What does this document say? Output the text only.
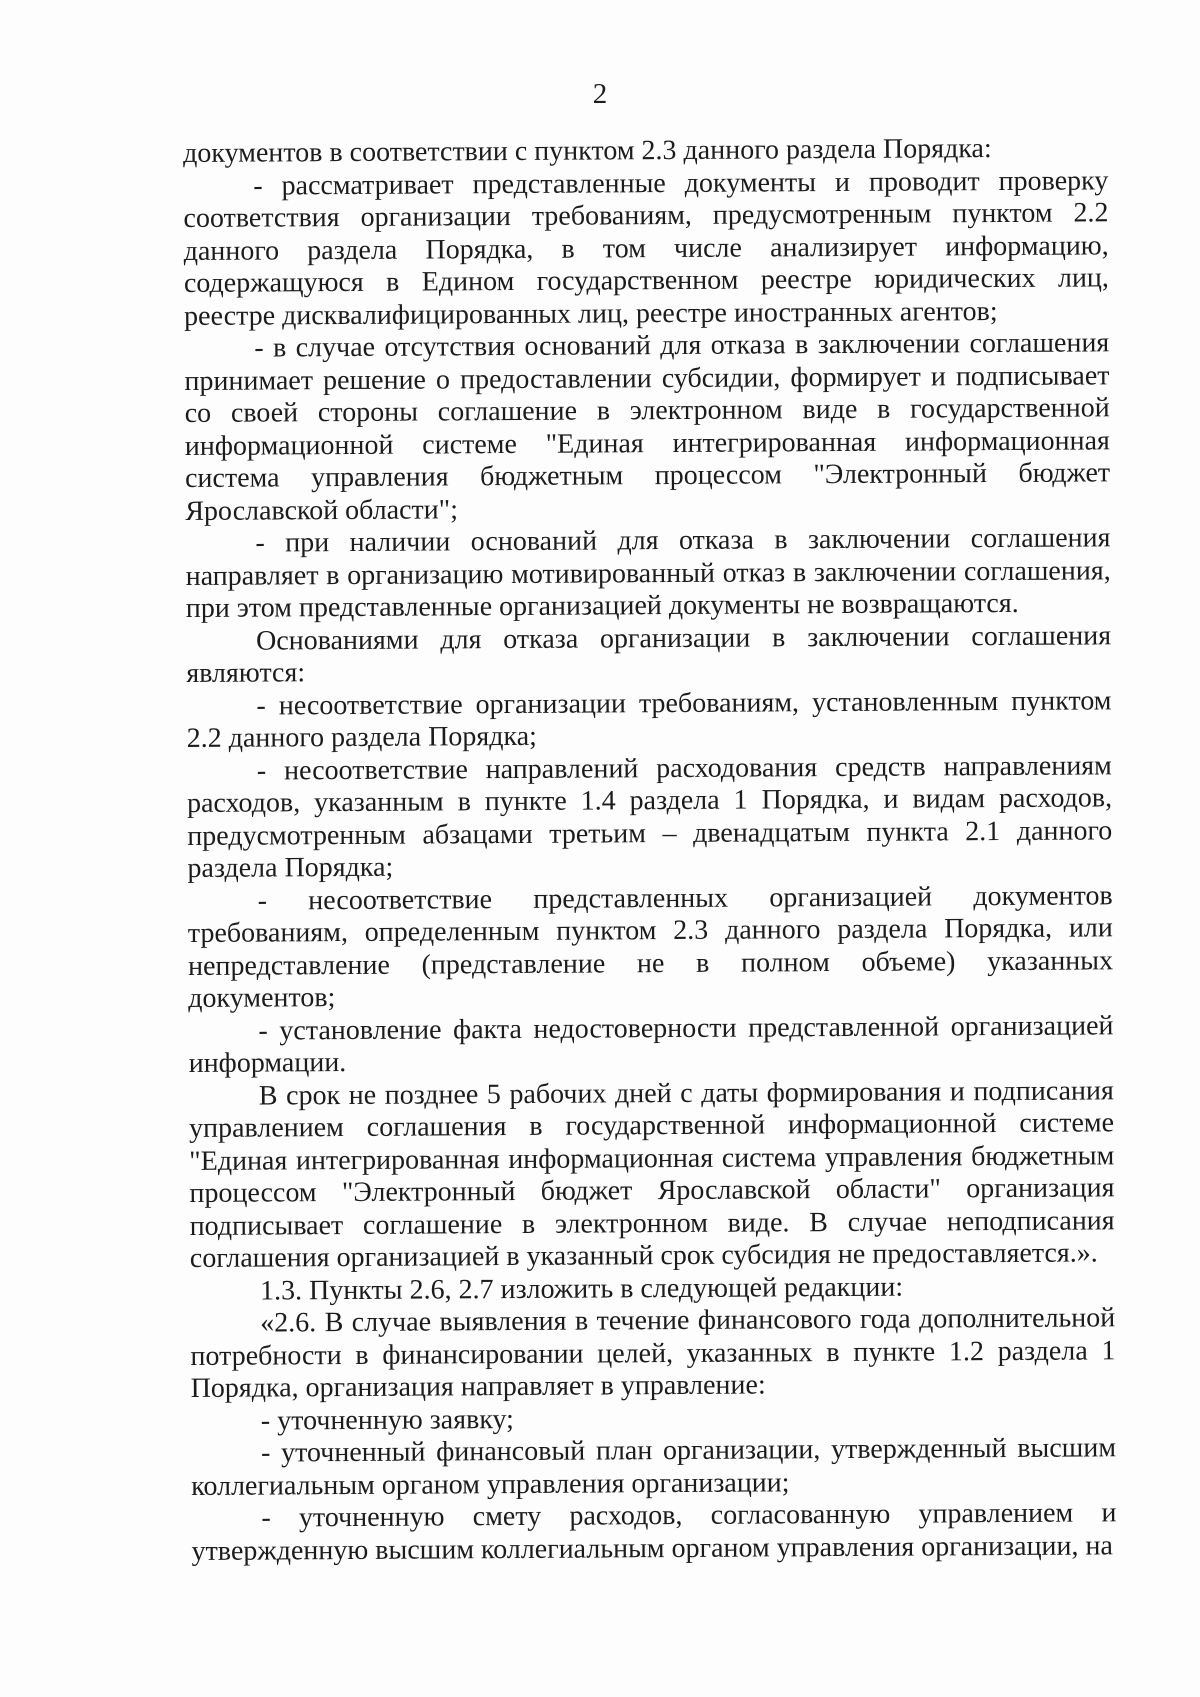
2

документов в соответствии с пунктом 2.3 данного раздела Порядка:

- рассматривает представленные документы и проводит проверку соответствия организации требованиям, предусмотренным пунктом 2.2 данного раздела Порядка, в том числе анализирует информацию, содержащуюся в Едином государственном реестре юридических лиц, реестре дисквалифицированных лиц, реестре иностранных агентов;

- в случае отсутствия оснований для отказа в заключении соглашения принимает решение о предоставлении субсидии, формирует и подписывает со своей стороны соглашение в электронном виде в государственной информационной системе "Единая интегрированная информационная система управления бюджетным процессом "Электронный бюджет Ярославской области";

- при наличии оснований для отказа в заключении соглашения направляет в организацию мотивированный отказ в заключении соглашения, при этом представленные организацией документы не возвращаются.

Основаниями для отказа организации в заключении соглашения являются:

- несоответствие организации требованиям, установленным пунктом 2.2 данного раздела Порядка;

- несоответствие направлений расходования средств направлениям расходов, указанным в пункте 1.4 раздела 1 Порядка, и видам расходов, предусмотренным абзацами третьим – двенадцатым пункта 2.1 данного раздела Порядка;

- несоответствие представленных организацией документов требованиям, определенным пунктом 2.3 данного раздела Порядка, или непредставление (представление не в полном объеме) указанных документов;

- установление факта недостоверности представленной организацией информации.

В срок не позднее 5 рабочих дней с даты формирования и подписания управлением соглашения в государственной информационной системе "Единая интегрированная информационная система управления бюджетным процессом "Электронный бюджет Ярославской области" организация подписывает соглашение в электронном виде. В случае неподписания соглашения организацией в указанный срок субсидия не предоставляется.».

1.3. Пункты 2.6, 2.7 изложить в следующей редакции:

«2.6. В случае выявления в течение финансового года дополнительной потребности в финансировании целей, указанных в пункте 1.2 раздела 1 Порядка, организация направляет в управление:

- уточненную заявку;

- уточненный финансовый план организации, утвержденный высшим коллегиальным органом управления организации;

- уточненную смету расходов, согласованную управлением и утвержденную высшим коллегиальным органом управления организации, на
